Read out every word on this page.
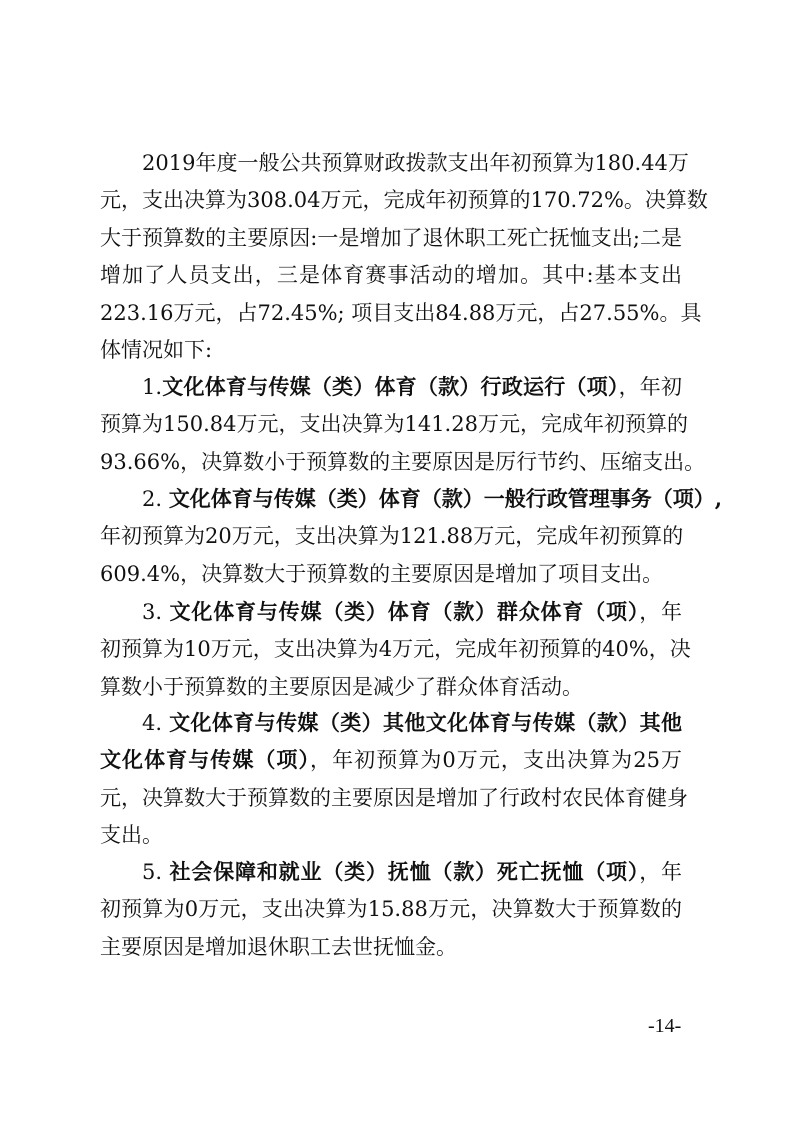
2019年度一般公共预算财政拨款支出年初预算为180.44万
元，支出决算为308.04万元，完成年初预算的170.72%。决算数
大于预算数的主要原因:一是增加了退休职工死亡抚恤支出;二是
增加了人员支出，三是体育赛事活动的增加。其中:基本支出
223.16万元，占72.45%; 项目支出84.88万元，占27.55%。具
体情况如下:
1.文化体育与传媒（类）体育（款）行政运行（项），年初
预算为150.84万元，支出决算为141.28万元，完成年初预算的
93.66%，决算数小于预算数的主要原因是厉行节约、压缩支出。
2. 文化体育与传媒（类）体育（款）一般行政管理事务（项）,
年初预算为20万元，支出决算为121.88万元，完成年初预算的
609.4%，决算数大于预算数的主要原因是增加了项目支出。
3. 文化体育与传媒（类）体育（款）群众体育（项），年
初预算为10万元，支出决算为4万元，完成年初预算的40%，决
算数小于预算数的主要原因是减少了群众体育活动。
4. 文化体育与传媒（类）其他文化体育与传媒（款）其他
文化体育与传媒（项），年初预算为0万元，支出决算为25万
元，决算数大于预算数的主要原因是增加了行政村农民体育健身
支出。
5. 社会保障和就业（类）抚恤（款）死亡抚恤（项），年
初预算为0万元，支出决算为15.88万元，决算数大于预算数的
主要原因是增加退休职工去世抚恤金。
-14-
